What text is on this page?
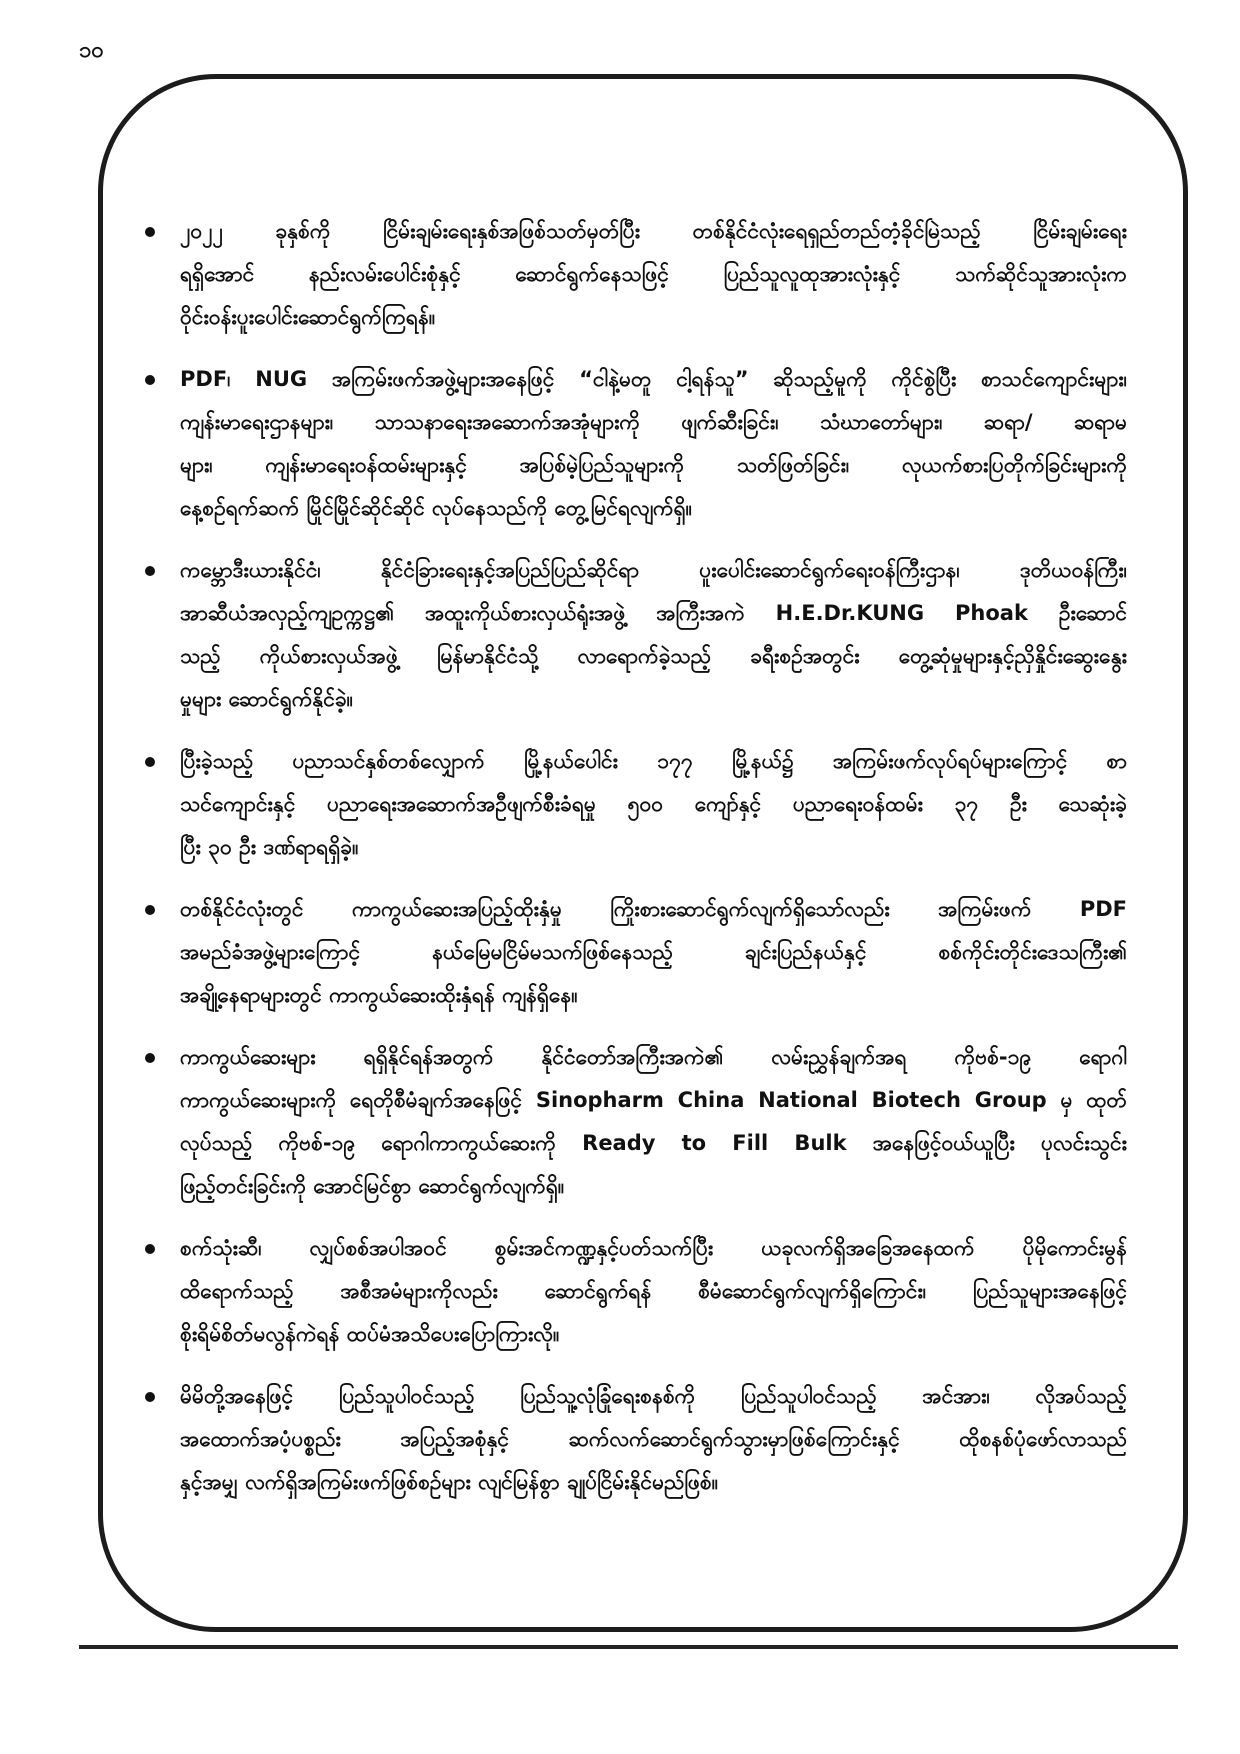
၁၀
၂၀၂၂ ခုနှစ်ကို ငြိမ်းချမ်းရေးနှစ်အဖြစ်သတ်မှတ်ပြီး တစ်နိုင်ငံလုံးရေရှည်တည်တံ့ခိုင်မြဲသည့် ငြိမ်းချမ်းရေး
ရရှိအောင် နည်းလမ်းပေါင်းစုံနှင့် ဆောင်ရွက်နေသဖြင့် ပြည်သူလူထုအားလုံးနှင့် သက်ဆိုင်သူအားလုံးက
ဝိုင်းဝန်းပူးပေါင်းဆောင်ရွက်ကြရန်။
PDF၊ NUG အကြမ်းဖက်အဖွဲ့များအနေဖြင့် “ငါနဲ့မတူ ငါ့ရန်သူ” ဆိုသည့်မူကို ကိုင်စွဲပြီး စာသင်ကျောင်းများ၊
ကျန်းမာရေးဌာနများ၊ သာသနာရေးအဆောက်အအုံများကို ဖျက်ဆီးခြင်း၊ သံဃာတော်များ၊ ဆရာ/ ဆရာမ
များ၊ ကျန်းမာရေးဝန်ထမ်းများနှင့် အပြစ်မဲ့ပြည်သူများကို သတ်ဖြတ်ခြင်း၊ လုယက်စားပြတိုက်ခြင်းများကို
နေ့စဉ်ရက်ဆက် မြိုင်မြိုင်ဆိုင်ဆိုင် လုပ်နေသည်ကို တွေ့မြင်ရလျက်ရှိ။
ကမ္ဘောဒီးယားနိုင်ငံ၊ နိုင်ငံခြားရေးနှင့်အပြည်ပြည်ဆိုင်ရာ ပူးပေါင်းဆောင်ရွက်ရေးဝန်ကြီးဌာန၊ ဒုတိယဝန်ကြီး၊
အာဆီယံအလှည့်ကျဥက္ကဋ္ဌ၏ အထူးကိုယ်စားလှယ်ရုံးအဖွဲ့ အကြီးအကဲ H.E.Dr.KUNG Phoak ဦးဆောင်
သည့် ကိုယ်စားလှယ်အဖွဲ့ မြန်မာနိုင်ငံသို့ လာရောက်ခဲ့သည့် ခရီးစဉ်အတွင်း တွေ့ဆုံမှုများနှင့်ညှိနှိုင်းဆွေးနွေး
မှုများ ဆောင်ရွက်နိုင်ခဲ့။
ပြီးခဲ့သည့် ပညာသင်နှစ်တစ်လျှောက် မြို့နယ်ပေါင်း ၁၇၇ မြို့နယ်၌ အကြမ်းဖက်လုပ်ရပ်များကြောင့် စာ
သင်ကျောင်းနှင့် ပညာရေးအဆောက်အဦဖျက်စီးခံရမှု ၅၀၀ ကျော်နှင့် ပညာရေးဝန်ထမ်း ၃၇ ဦး သေဆုံးခဲ့
ပြီး ၃၀ ဦး ဒဏ်ရာရရှိခဲ့။
တစ်နိုင်ငံလုံးတွင် ကာကွယ်ဆေးအပြည့်ထိုးနှံမှု ကြိုးစားဆောင်ရွက်လျက်ရှိသော်လည်း အကြမ်းဖက် PDF
အမည်ခံအဖွဲ့များကြောင့် နယ်မြေမငြိမ်မသက်ဖြစ်နေသည့် ချင်းပြည်နယ်နှင့် စစ်ကိုင်းတိုင်းဒေသကြီး၏
အချို့နေရာများတွင် ကာကွယ်ဆေးထိုးနှံရန် ကျန်ရှိနေ။
ကာကွယ်ဆေးများ ရရှိနိုင်ရန်အတွက် နိုင်ငံတော်အကြီးအကဲ၏ လမ်းညွှန်ချက်အရ ကိုဗစ်-၁၉ ရောဂါ
ကာကွယ်ဆေးများကို ရေတိုစီမံချက်အနေဖြင့် Sinopharm China National Biotech Group မှ ထုတ်
လုပ်သည့် ကိုဗစ်-၁၉ ရောဂါကာကွယ်ဆေးကို Ready to Fill Bulk အနေဖြင့်ဝယ်ယူပြီး ပုလင်းသွင်း
ဖြည့်တင်းခြင်းကို အောင်မြင်စွာ ဆောင်ရွက်လျက်ရှိ။
စက်သုံးဆီ၊ လျှပ်စစ်အပါအဝင် စွမ်းအင်ကဏ္ဍနှင့်ပတ်သက်ပြီး ယခုလက်ရှိအခြေအနေထက် ပိုမိုကောင်းမွန်
ထိရောက်သည့် အစီအမံများကိုလည်း ဆောင်ရွက်ရန် စီမံဆောင်ရွက်လျက်ရှိကြောင်း၊ ပြည်သူများအနေဖြင့်
စိုးရိမ်စိတ်မလွန်ကဲရန် ထပ်မံအသိပေးပြောကြားလို။
မိမိတို့အနေဖြင့် ပြည်သူပါဝင်သည့် ပြည်သူ့လုံခြုံရေးစနစ်ကို ပြည်သူပါဝင်သည့် အင်အား၊ လိုအပ်သည့်
အထောက်အပံ့ပစ္စည်း အပြည့်အစုံနှင့် ဆက်လက်ဆောင်ရွက်သွားမှာဖြစ်ကြောင်းနှင့် ထိုစနစ်ပုံဖော်လာသည်
နှင့်အမျှ လက်ရှိအကြမ်းဖက်ဖြစ်စဉ်များ လျင်မြန်စွာ ချုပ်ငြိမ်းနိုင်မည်ဖြစ်။
